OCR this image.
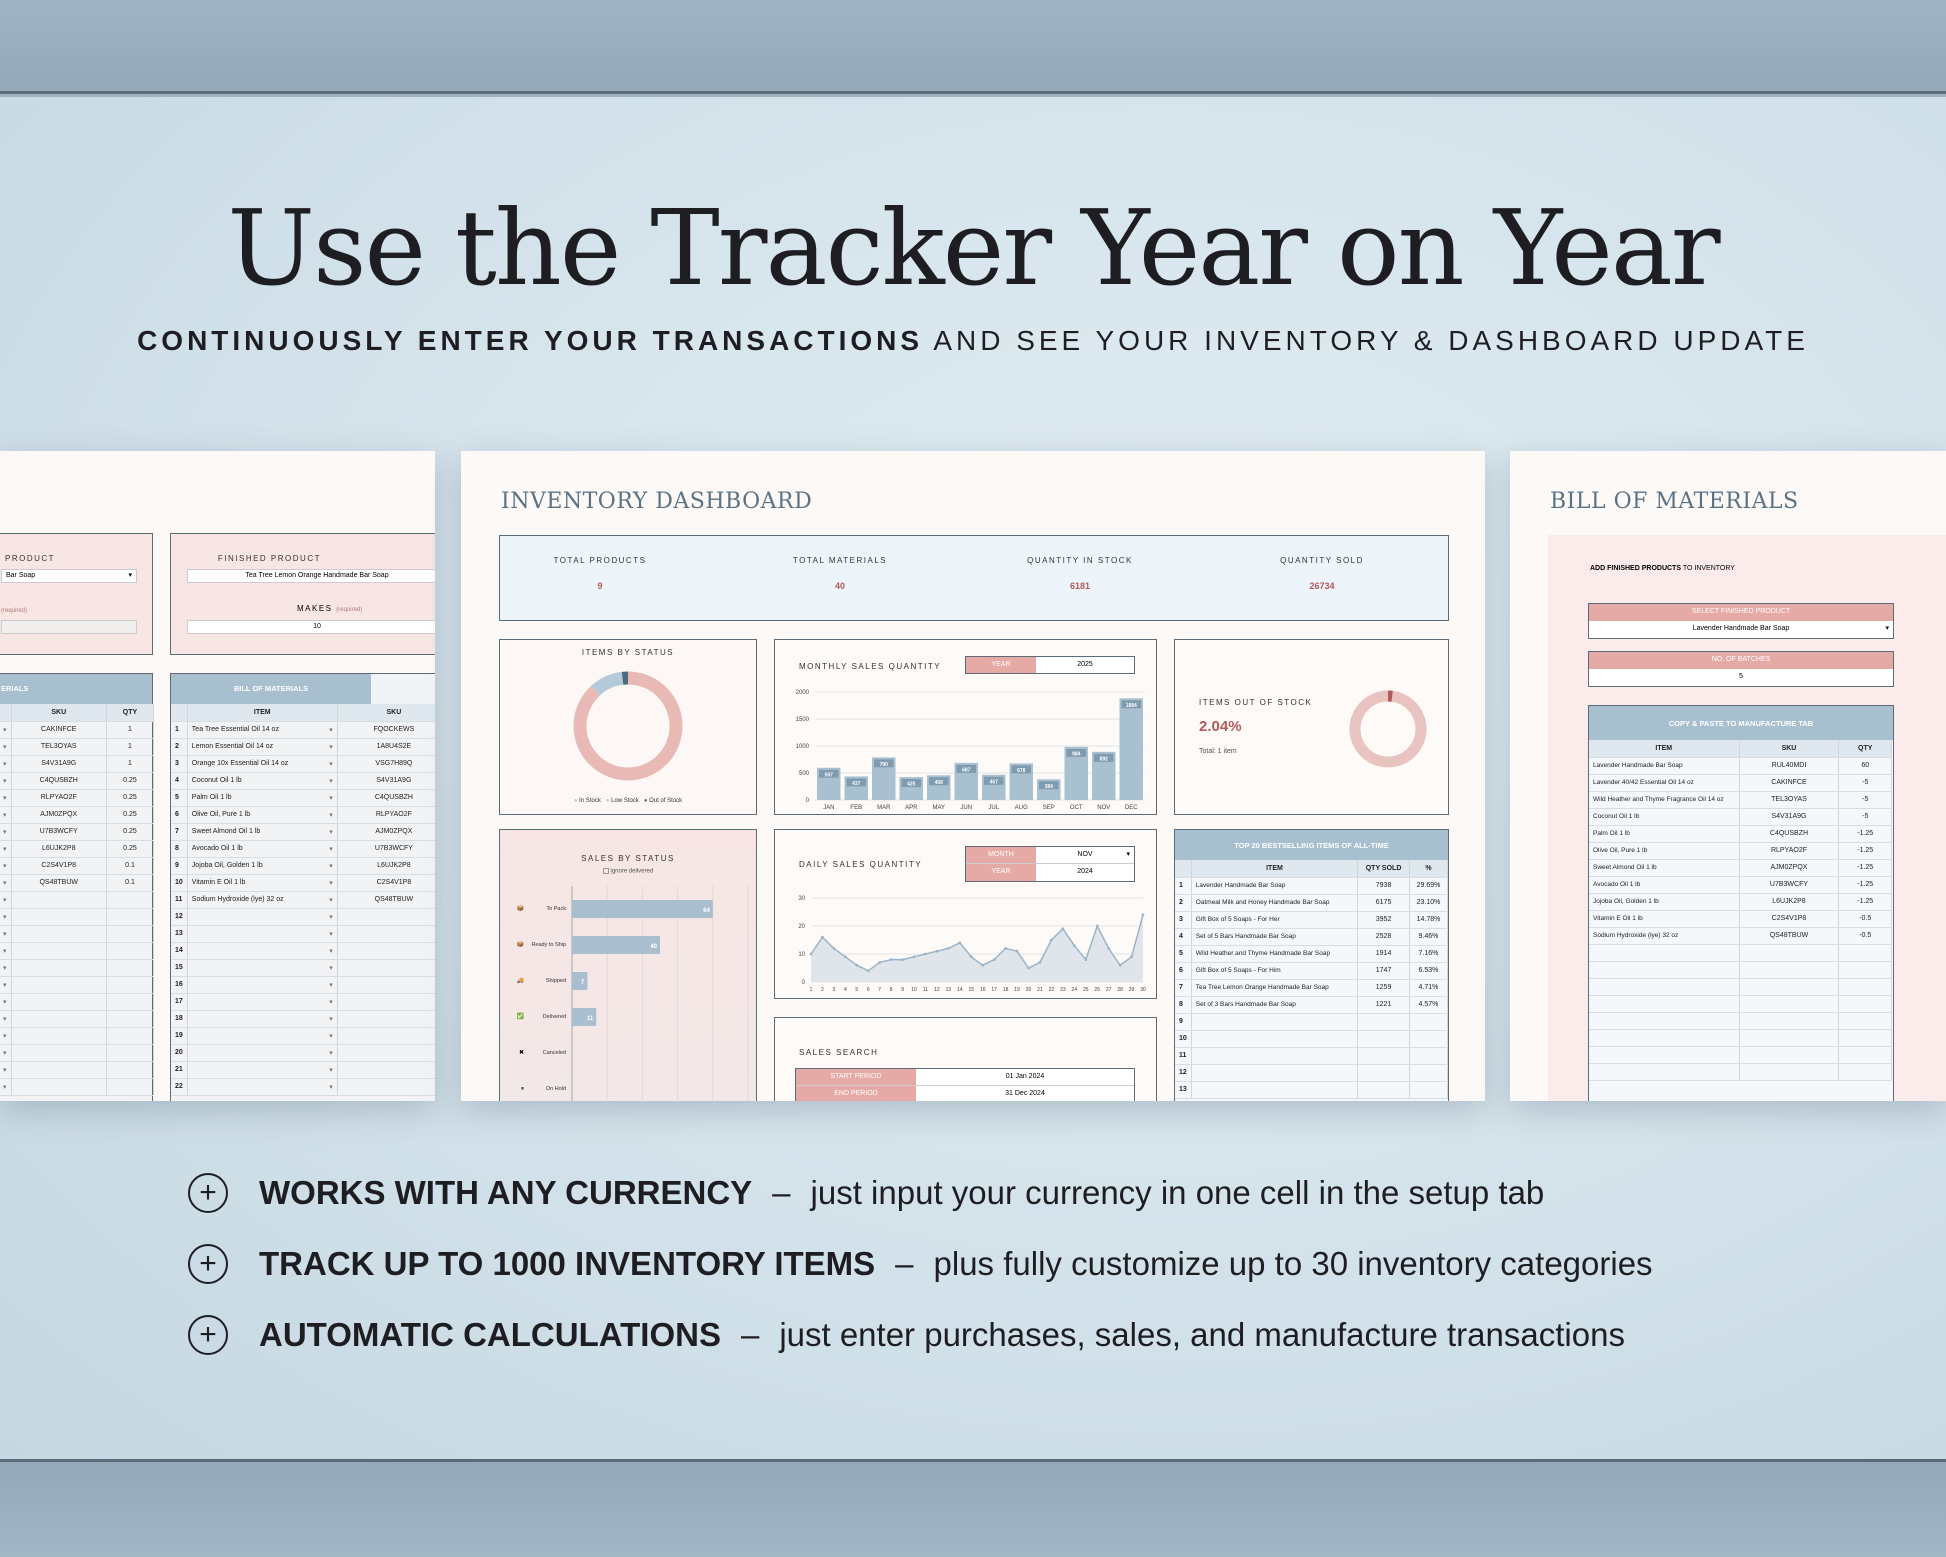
Use the Tracker Year on Year
CONTINUOUSLY ENTER YOUR TRANSACTIONS AND SEE YOUR INVENTORY & DASHBOARD UPDATE
PRODUCT
Bar Soap	▾
(required)
FINISHED PRODUCT
Tea Tree Lemon Orange Handmade Bar Soap
MAKES (required)
10
ERIALS
	SKU	QTY
▾	CAKINFCE	1
▾	TEL3OYAS	1
▾	S4V31A9G	1
▾	C4QUSBZH	0.25
▾	RLPYAO2F	0.25
▾	AJM0ZPQX	0.25
▾	U7B3WCFY	0.25
▾	L6UJK2P8	0.25
▾	C2S4V1P8	0.1
▾	QS48TBUW	0.1
▾		
▾		
▾		
▾		
▾		
▾		
▾		
▾		
▾		
▾		
▾		
▾		
BILL OF MATERIALS
	ITEM	SKU
1	Tea Tree Essential Oil 14 oz ▾	FQOCKEWS
2	Lemon Essential Oil 14 oz ▾	1A8U4S2E
3	Orange 10x Essential Oil 14 oz ▾	VSG7H89Q
4	Coconut Oil 1 lb ▾	S4V31A9G
5	Palm Oil 1 lb ▾	C4QUSBZH
6	Olive Oil, Pure 1 lb ▾	RLPYAO2F
7	Sweet Almond Oil 1 lb ▾	AJM0ZPQX
8	Avocado Oil 1 lb ▾	U7B3WCFY
9	Jojoba Oil, Golden 1 lb ▾	L6UJK2P8
10	Vitamin E Oil 1 lb ▾	C2S4V1P8
11	Sodium Hydroxide (lye) 32 oz ▾	QS48TBUW
12	▾	

13	▾	

14	▾	

15	▾	

16	▾	

17	▾	

18	▾	

19	▾	

20	▾	

21	▾	

22	▾	

INVENTORY DASHBOARD
TOTAL PRODUCTS
9
TOTAL MATERIALS
40
QUANTITY IN STOCK
6181
QUANTITY SOLD
26734
ITEMS BY STATUS
● In Stock ● Low Stock ● Out of Stock
MONTHLY SALES QUANTITY	YEAR	2025
0
500
1000
1500
2000
597
JAN
437
FEB
790
MAR
425
APR
458
MAY
687
JUN
467
JUL
678
AUG
384
SEP
984
OCT
892
NOV
1884
DEC
ITEMS OUT OF STOCK
2.04%
Total: 1 item
SALES BY STATUS
ignore delivered
📦	To Pack	64
📦 Ready to Ship	40
🚚	Shipped	7
✅	Delivered	11
✖	Canceled
⏸	On Hold
DAILY SALES QUANTITY
MONTH	NOV	▾
YEAR	2024
0
10
20
30
1 2 3 4 5 6 7 8 9 10 11 12 13 14 15 16 17 18 19 20 21 22 23 24 25 26 27 28 29 30
SALES SEARCH
START PERIOD	01 Jan 2024
END PERIOD	31 Dec 2024
TOP 20 BESTSELLING ITEMS OF ALL-TIME
	ITEM	QTY SOLD	%
1	Lavender Handmade Bar Soap	7938	29.69%
2	Oatmeal Milk and Honey Handmade Bar Soap	6175	23.10%
3	Gift Box of 5 Soaps - For Her	3952	14.78%
4	Set of 5 Bars Handmade Bar Soap	2528	9.46%
5	Wild Heather and Thyme Handmade Bar Soap	1914	7.16%
6	Gift Box of 5 Soaps - For Him	1747	6.53%
7	Tea Tree Lemon Orange Handmade Bar Soap	1259	4.71%
8	Set of 3 Bars Handmade Bar Soap	1221	4.57%
9			
10			
11			
12			
13			
BILL OF MATERIALS
ADD FINISHED PRODUCTS TO INVENTORY
SELECT FINISHED PRODUCT
Lavender Handmade Bar Soap	▾
NO. OF BATCHES
5
COPY & PASTE TO MANUFACTURE TAB
ITEM	SKU	QTY
Lavender Handmade Bar Soap	RUL40MDI	60
Lavender 40/42 Essential Oil 14 oz	CAKINFCE	-5
Wild Heather and Thyme Fragrance Oil 14 oz	TEL3OYAS	-5
Coconut Oil 1 lb	S4V31A9G	-5
Palm Oil 1 lb	C4QUSBZH	-1.25
Olive Oil, Pure 1 lb	RLPYAO2F	-1.25
Sweet Almond Oil 1 lb	AJM0ZPQX	-1.25
Avocado Oil 1 lb	U7B3WCFY	-1.25
Jojoba Oil, Golden 1 lb	L6UJK2P8	-1.25
Vitamin E Oil 1 lb	C2S4V1P8	-0.5
Sodium Hydroxide (lye) 32 oz	QS48TBUW	-0.5

+	WORKS WITH ANY CURRENCY – just input your currency in one cell in the setup tab
+	TRACK UP TO 1000 INVENTORY ITEMS – plus fully customize up to 30 inventory categories
+	AUTOMATIC CALCULATIONS – just enter purchases, sales, and manufacture transactions
